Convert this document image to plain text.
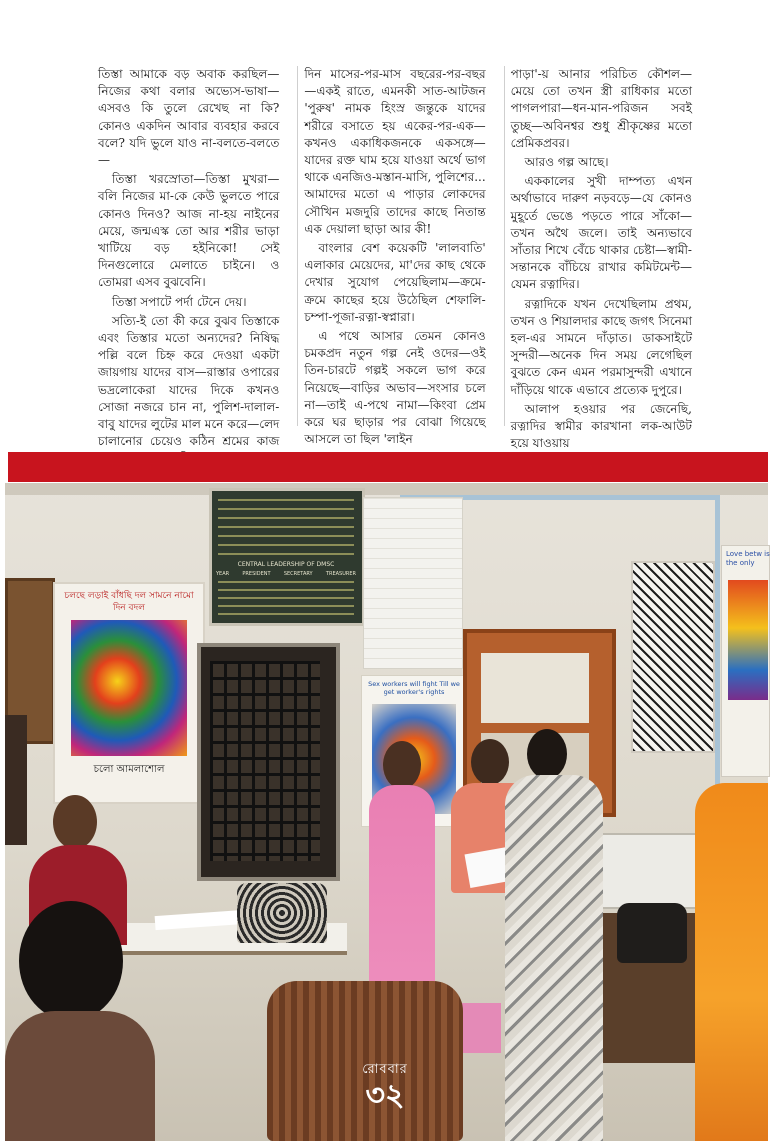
তিস্তা আমাকে বড় অবাক করছিল—নিজের কথা বলার অভ্যেস-ভাষা—এসবও কি তুলে রেখেছ না কি? কোনও একদিন আবার ব্যবহার করবে বলে? যদি ভুলে যাও না-বলতে-বলতে—

তিস্তা খরস্রোতা—তিস্তা মুখরা—বলি নিজের মা-কে কেউ ভুলতে পারে কোনও দিনও? আজ না-হয় নাইনের মেয়ে, জন্মএস্ক তো আর শরীর ভাড়া খাটিয়ে বড় হইনিকো! সেই দিনগুলোরে মেলাতে চাইনে। ও তোমরা এসব বুঝবেনি।

তিস্তা সপাটে পর্দা টেনে দেয়।

সত্যি-ই তো কী করে বুঝব তিস্তাকে এবং তিস্তার মতো অন্যদের? নিষিদ্ধ পল্লি বলে চিহ্ন করে দেওয়া একটা জায়গায় যাদের বাস—রাস্তার ওপারের ভদ্রলোকেরা যাদের দিকে কখনও সোজা নজরে চান না, পুলিশ-দালাল-বাবু যাদের লুটের মাল মনে করে—লেদ চালানোর চেয়েও কঠিন শ্রমের কাজ

দিন মাসের-পর-মাস বছরের-পর-বছর—একই রাতে, এমনকী সাত-আটজন 'পুরুষ' নামক হিংস্র জন্তুকে যাদের শরীরে বসাতে হয় একের-পর-এক—কখনও একাধিকজনকে একসঙ্গে—যাদের রক্ত ঘাম হয়ে যাওয়া অর্থে ভাগ থাকে এনজিও-মস্তান-মাসি, পুলিশের... আমাদের মতো এ পাড়ার লোকদের সৌখিন মজদুরি তাদের কাছে নিতান্ত এক দেয়ালা ছাড়া আর কী!

বাংলার বেশ কয়েকটি 'লালবাতি' এলাকার মেয়েদের, মা'দের কাছ থেকে দেখার সুযোগ পেয়েছিলাম—ক্রমে-ক্রমে কাছের হয়ে উঠেছিল শেফালি-চম্পা-পূজা-রত্না-স্বপ্নারা।

এ পথে আসার তেমন কোনও চমকপ্রদ নতুন গল্প নেই ওদের—ওই তিন-চারটে গল্পই সকলে ভাগ করে নিয়েছে—বাড়ির অভাব—সংসার চলে না—তাই এ-পথে নামা—কিংবা প্রেম করে ঘর ছাড়ার পর বোঝা গিয়েছে আসলে তা ছিল 'লাইন

পাড়া'-য় আনার পরিচিত কৌশল—মেয়ে তো তখন স্ত্রী রাধিকার মতো পাগলপারা—ধন-মান-পরিজন সবই তুচ্ছ—অবিনশ্বর শুধু শ্রীকৃষ্ণের মতো প্রেমিকপ্রবর।

আরও গল্প আছে।

এককালের সুখী দাম্পত্য এখন অর্থাভাবে দারুণ নড়বড়ে—যে কোনও মুহূর্তে ভেঙে পড়তে পারে সাঁকো—তখন অথৈ জলে। তাই অন্যভাবে সাঁতার শিখে বেঁচে থাকার চেষ্টা—স্বামী-সন্তানকে বাঁচিয়ে রাখার কমিটমেন্ট—যেমন রত্নাদির।

রত্নাদিকে যখন দেখেছিলাম প্রথম, তখন ও শিয়ালদার কাছে জগৎ সিনেমা হল-এর সামনে দাঁড়াত। ডাকসাইটে সুন্দরী—অনেক দিন সময় লেগেছিল বুঝতে কেন এমন পরমাসুন্দরী এখানে দাঁড়িয়ে থাকে এভাবে প্রত্যেক দুপুরে।

আলাপ হওয়ার পর জেনেছি, রত্নাদির স্বামীর কারখানা লক-আউট হয়ে যাওয়ায়

চলছে লড়াই বাঁধছি দল সামনে নামো দিন বদল
চলো আমলাশোল
CENTRAL LEADERSHIP OF DMSC
YEAR	PRESIDENT	SECRETARY	TREASURER
Sex workers will fight Till we get worker's rights
Love betw is the only
রোববার
৩২
